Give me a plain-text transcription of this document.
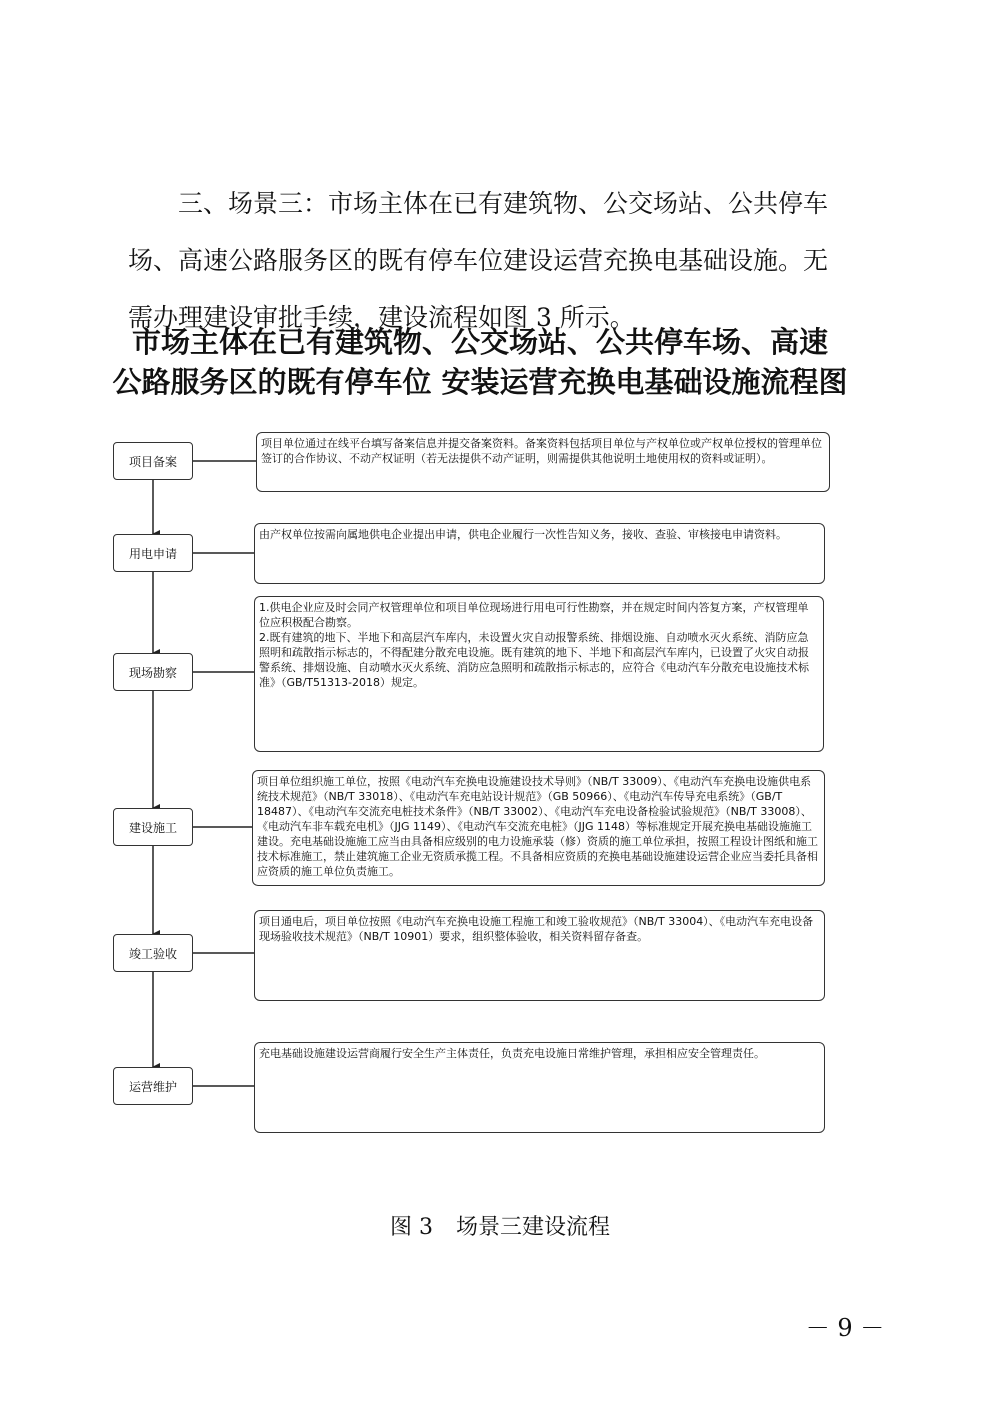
三、场景三：市场主体在已有建筑物、公交场站、公共停车
场、高速公路服务区的既有停车位建设运营充换电基础设施。无
需办理建设审批手续，建设流程如图 3 所示。
市场主体在已有建筑物、公交场站、公共停车场、高速
公路服务区的既有停车位 安装运营充换电基础设施流程图
项目备案
用电申请
现场勘察
建设施工
竣工验收
运营维护

项目单位通过在线平台填写备案信息并提交备案资料。备案资料包括项目单位与产权单位或产权单位授权的管理单位签订的合作协议、不动产权证明（若无法提供不动产证明，则需提供其他说明土地使用权的资料或证明）。

由产权单位按需向属地供电企业提出申请，供电企业履行一次性告知义务，接收、查验、审核接电申请资料。

1.供电企业应及时会同产权管理单位和项目单位现场进行用电可行性勘察，并在规定时间内答复方案，产权管理单位应积极配合勘察。

2.既有建筑的地下、半地下和高层汽车库内，未设置火灾自动报警系统、排烟设施、自动喷水灭火系统、消防应急照明和疏散指示标志的，不得配建分散充电设施。既有建筑的地下、半地下和高层汽车库内，已设置了火灾自动报警系统、排烟设施、自动喷水灭火系统、消防应急照明和疏散指示标志的，应符合《电动汽车分散充电设施技术标准》（GB/T51313-2018）规定。

项目单位组织施工单位，按照《电动汽车充换电设施建设技术导则》（NB/T 33009）、《电动汽车充换电设施供电系统技术规范》（NB/T 33018）、《电动汽车充电站设计规范》（GB 50966）、《电动汽车传导充电系统》（GB/T 18487）、《电动汽车交流充电桩技术条件》（NB/T 33002）、《电动汽车充电设备检验试验规范》（NB/T 33008）、《电动汽车非车载充电机》（JJG 1149）、《电动汽车交流充电桩》（JJG 1148）等标准规定开展充换电基础设施施工建设。充电基础设施施工应当由具备相应级别的电力设施承装（修）资质的施工单位承担，按照工程设计图纸和施工技术标准施工，禁止建筑施工企业无资质承揽工程。不具备相应资质的充换电基础设施建设运营企业应当委托具备相应资质的施工单位负责施工。

项目通电后，项目单位按照《电动汽车充换电设施工程施工和竣工验收规范》（NB/T 33004）、《电动汽车充电设备现场验收技术规范》（NB/T 10901）要求，组织整体验收，相关资料留存备查。

充电基础设施建设运营商履行安全生产主体责任，负责充电设施日常维护管理，承担相应安全管理责任。

图 3 场景三建设流程
－ 9 －
